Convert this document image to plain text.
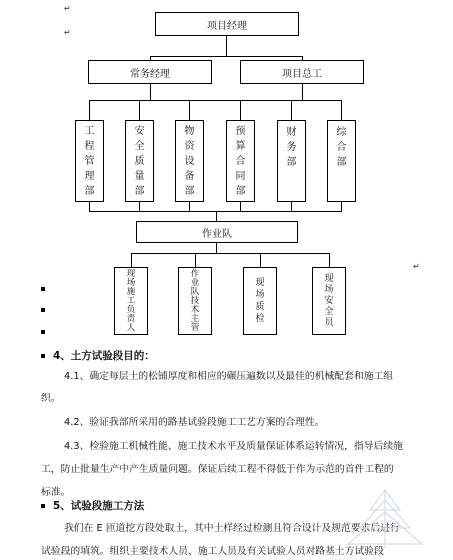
↵
↵
项目经理
常务经理	项目总工
工
程
管
理
部
安
全
质
量
部
物
资
设
备
部
预
算
合
同
部
财
务
部
综
合
部
作业队
现
场
施
工
负
责
人
作
业
队
技
术
主
管
现
场
质
检
现
场
安
全
员
↵
4、土方试验段目的：
4.1、确定每层土的松铺厚度和相应的碾压遍数以及最佳的机械配套和施工组
织。
4.2、验证我部所采用的路基试验段施工工艺方案的合理性。
4.3、检验施工机械性能、施工技术水平及质量保证体系运转情况，指导后续施
工，防止批量生产中产生质量问题。保证后续工程不得低于作为示范的首件工程的
标准。
5、试验段施工方法
我们在 E 匝道挖方段处取土，其中土样经过检测且符合设计及规范要求后进行
试验段的填筑。组织主要技术人员、施工人员及有关试验人员对路基土方试验段
